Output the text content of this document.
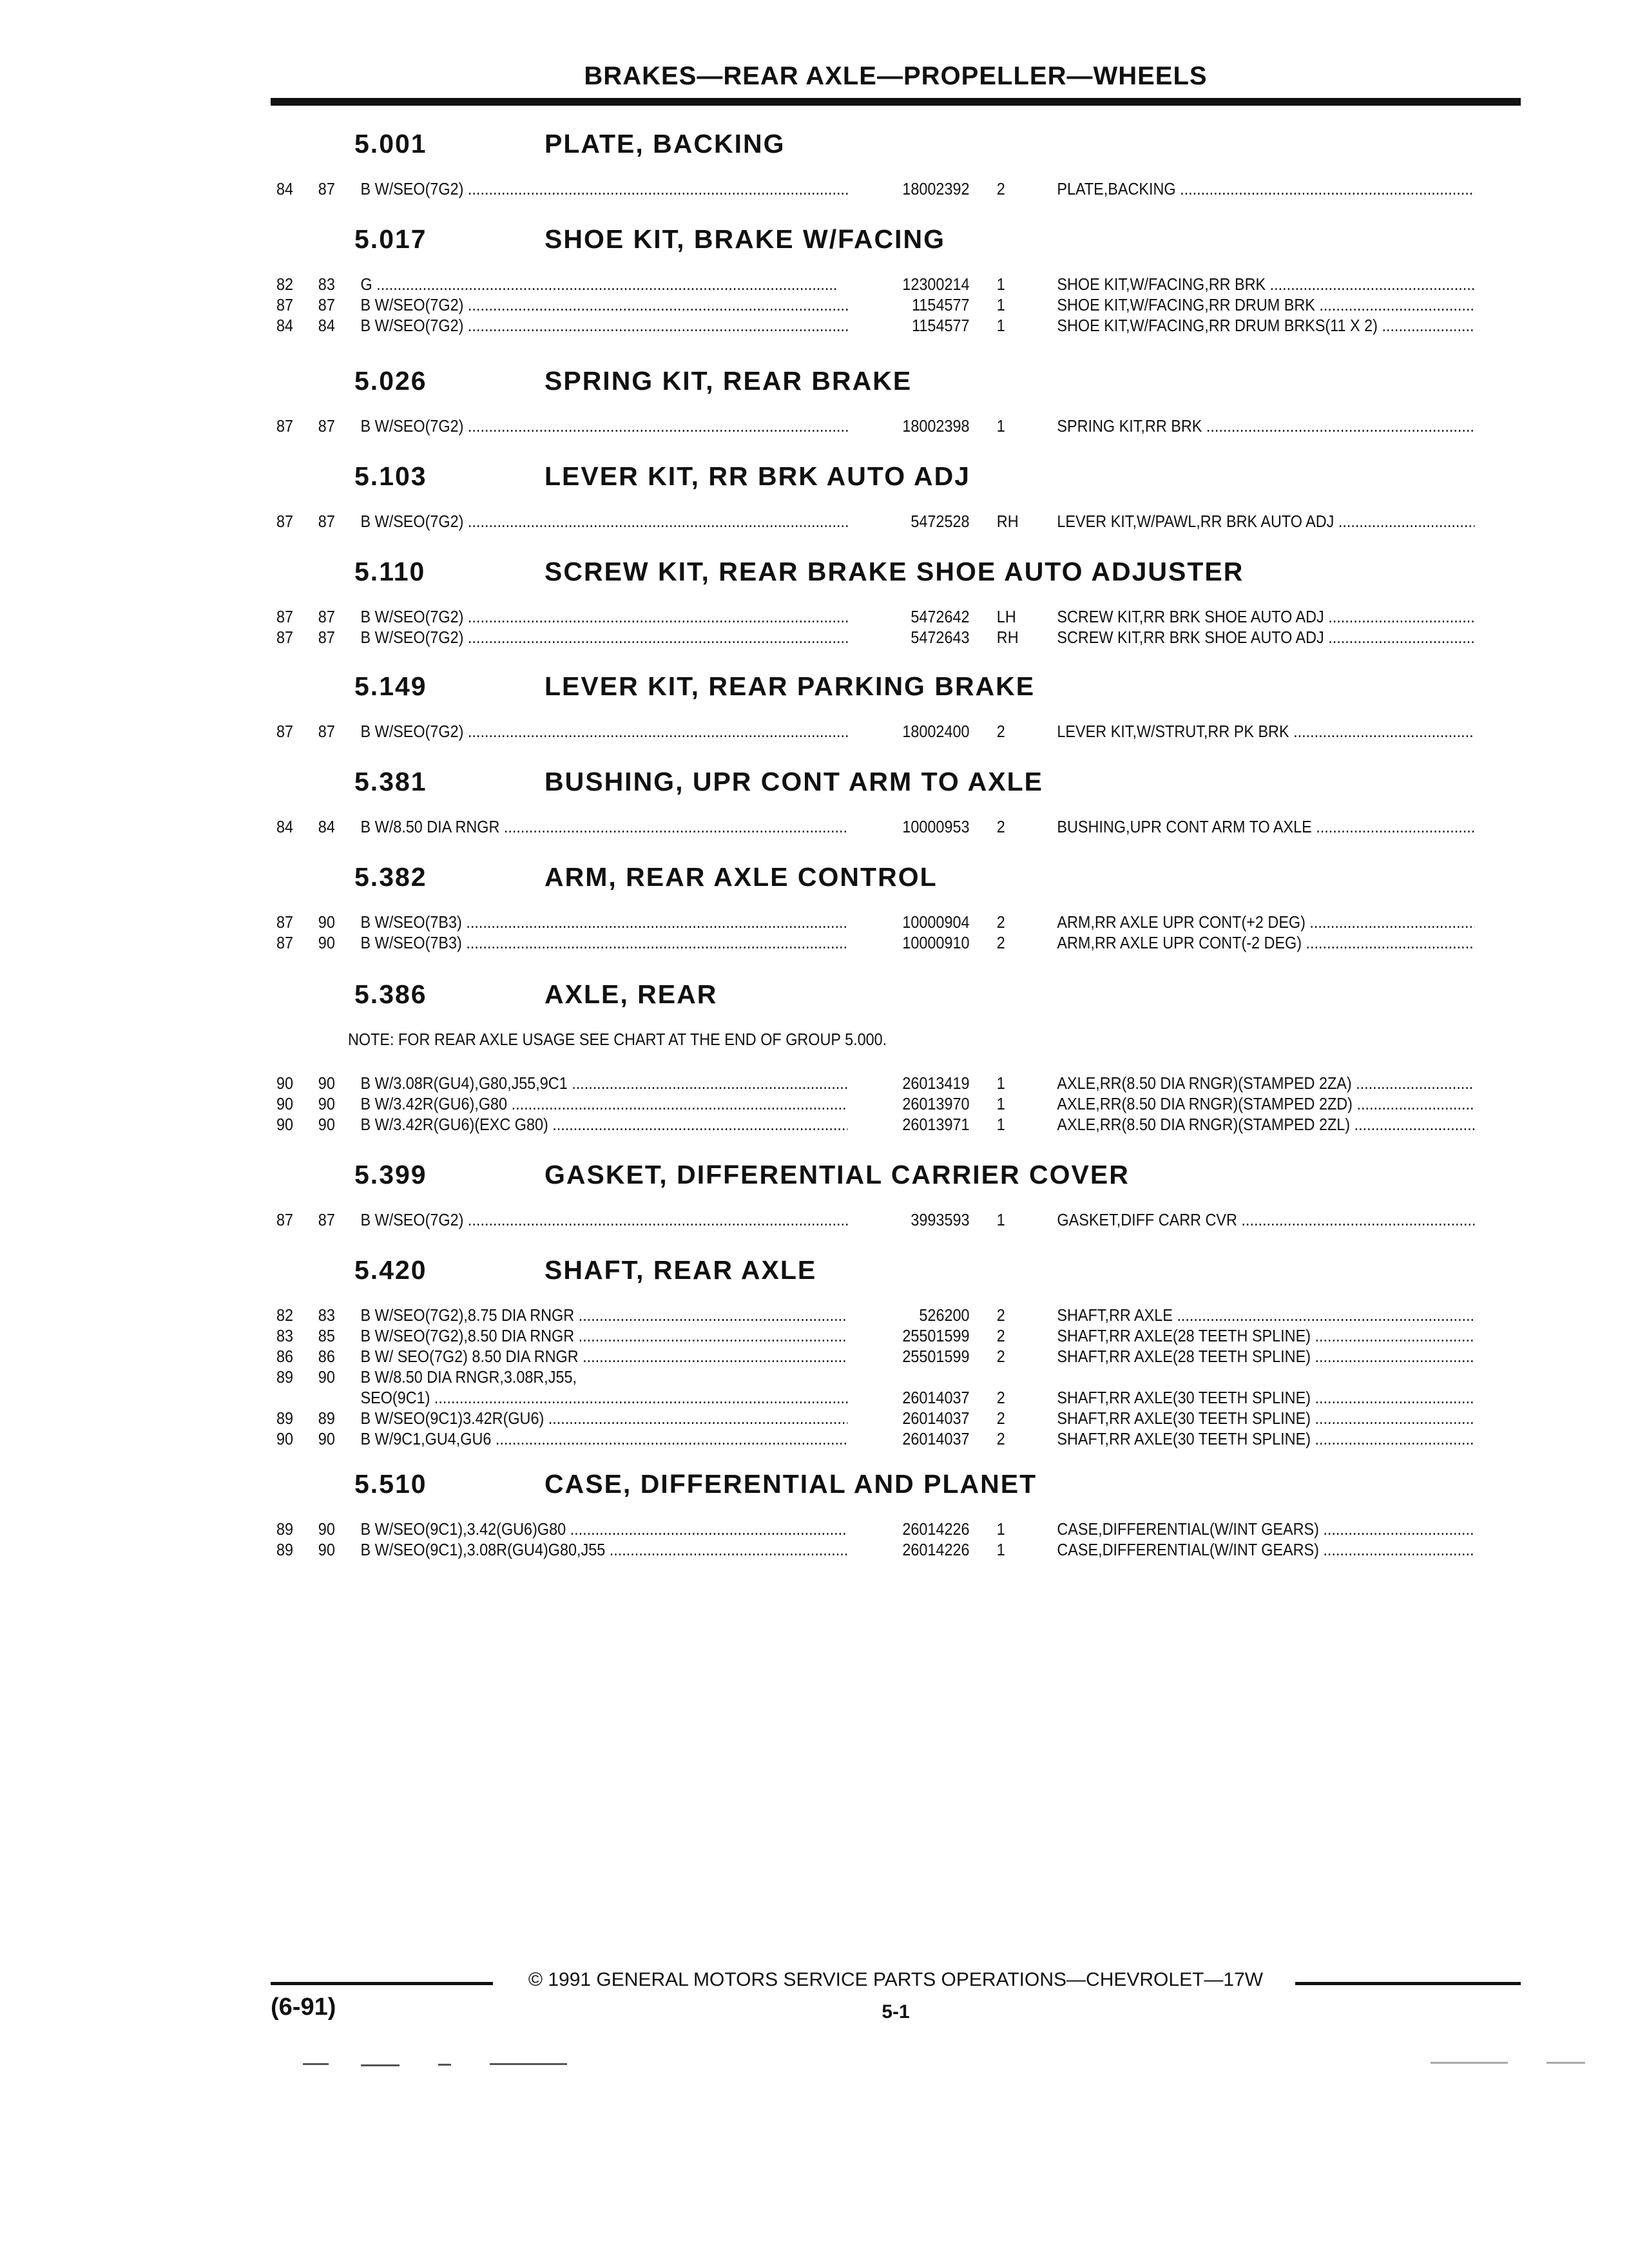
BRAKES—REAR AXLE—PROPELLER—WHEELS
5.001	PLATE, BACKING
84 87 B W/SEO(7G2) .....	18002392 2	PLATE,BACKING .....
5.017	SHOE KIT, BRAKE W/FACING
82 83 G .....	12300214 1	SHOE KIT,W/FACING,RR BRK .....
87 87 B W/SEO(7G2) .....	1154577 1	SHOE KIT,W/FACING,RR DRUM BRK .....
84 84 B W/SEO(7G2) .....	1154577 1	SHOE KIT,W/FACING,RR DRUM BRKS(11 X 2) .....
5.026	SPRING KIT, REAR BRAKE
87 87 B W/SEO(7G2) .....	18002398 1	SPRING KIT,RR BRK .....
5.103	LEVER KIT, RR BRK AUTO ADJ
87 87 B W/SEO(7G2) .....	5472528 RH LEVER KIT,W/PAWL,RR BRK AUTO ADJ .....
5.110	SCREW KIT, REAR BRAKE SHOE AUTO ADJUSTER
87 87 B W/SEO(7G2) .....	5472642 LH SCREW KIT,RR BRK SHOE AUTO ADJ .....
87 87 B W/SEO(7G2) .....	5472643 RH SCREW KIT,RR BRK SHOE AUTO ADJ .....
5.149	LEVER KIT, REAR PARKING BRAKE
87 87 B W/SEO(7G2) .....	18002400 2	LEVER KIT,W/STRUT,RR PK BRK .....
5.381	BUSHING, UPR CONT ARM TO AXLE
84 84 B W/8.50 DIA RNGR .....	10000953 2	BUSHING,UPR CONT ARM TO AXLE .....
5.382	ARM, REAR AXLE CONTROL
87 90 B W/SEO(7B3) .....	10000904 2	ARM,RR AXLE UPR CONT(+2 DEG) .....
87 90 B W/SEO(7B3) .....	10000910 2	ARM,RR AXLE UPR CONT(-2 DEG) .....
5.386	AXLE, REAR
NOTE: FOR REAR AXLE USAGE SEE CHART AT THE END OF GROUP 5.000.
90 90 B W/3.08R(GU4),G80,J55,9C1 .....	26013419 1	AXLE,RR(8.50 DIA RNGR)(STAMPED 2ZA) .....
90 90 B W/3.42R(GU6),G80 .....	26013970 1	AXLE,RR(8.50 DIA RNGR)(STAMPED 2ZD) .....
90 90 B W/3.42R(GU6)(EXC G80) .....	26013971 1	AXLE,RR(8.50 DIA RNGR)(STAMPED 2ZL) .....
5.399	GASKET, DIFFERENTIAL CARRIER COVER
87 87 B W/SEO(7G2) .....	3993593 1	GASKET,DIFF CARR CVR .....
5.420	SHAFT, REAR AXLE
82 83 B W/SEO(7G2),8.75 DIA RNGR .....	526200 2	SHAFT,RR AXLE .....
83 85 B W/SEO(7G2),8.50 DIA RNGR .....	25501599 2	SHAFT,RR AXLE(28 TEETH SPLINE) .....
86 86 B W/ SEO(7G2) 8.50 DIA RNGR .....	25501599 2	SHAFT,RR AXLE(28 TEETH SPLINE) .....
89 90 B W/8.50 DIA RNGR,3.08R,J55,
SEO(9C1) .....	26014037 2	SHAFT,RR AXLE(30 TEETH SPLINE) .....
89 89 B W/SEO(9C1)3.42R(GU6) .....	26014037 2	SHAFT,RR AXLE(30 TEETH SPLINE) .....
90 90 B W/9C1,GU4,GU6 .....	26014037 2	SHAFT,RR AXLE(30 TEETH SPLINE) .....
5.510	CASE, DIFFERENTIAL AND PLANET
89 90 B W/SEO(9C1),3.42(GU6)G80 .....	26014226 1	CASE,DIFFERENTIAL(W/INT GEARS) .....
89 90 B W/SEO(9C1),3.08R(GU4)G80,J55 .....	26014226 1	CASE,DIFFERENTIAL(W/INT GEARS) .....
© 1991 GENERAL MOTORS SERVICE PARTS OPERATIONS—CHEVROLET—17W
(6-91)	5-1
